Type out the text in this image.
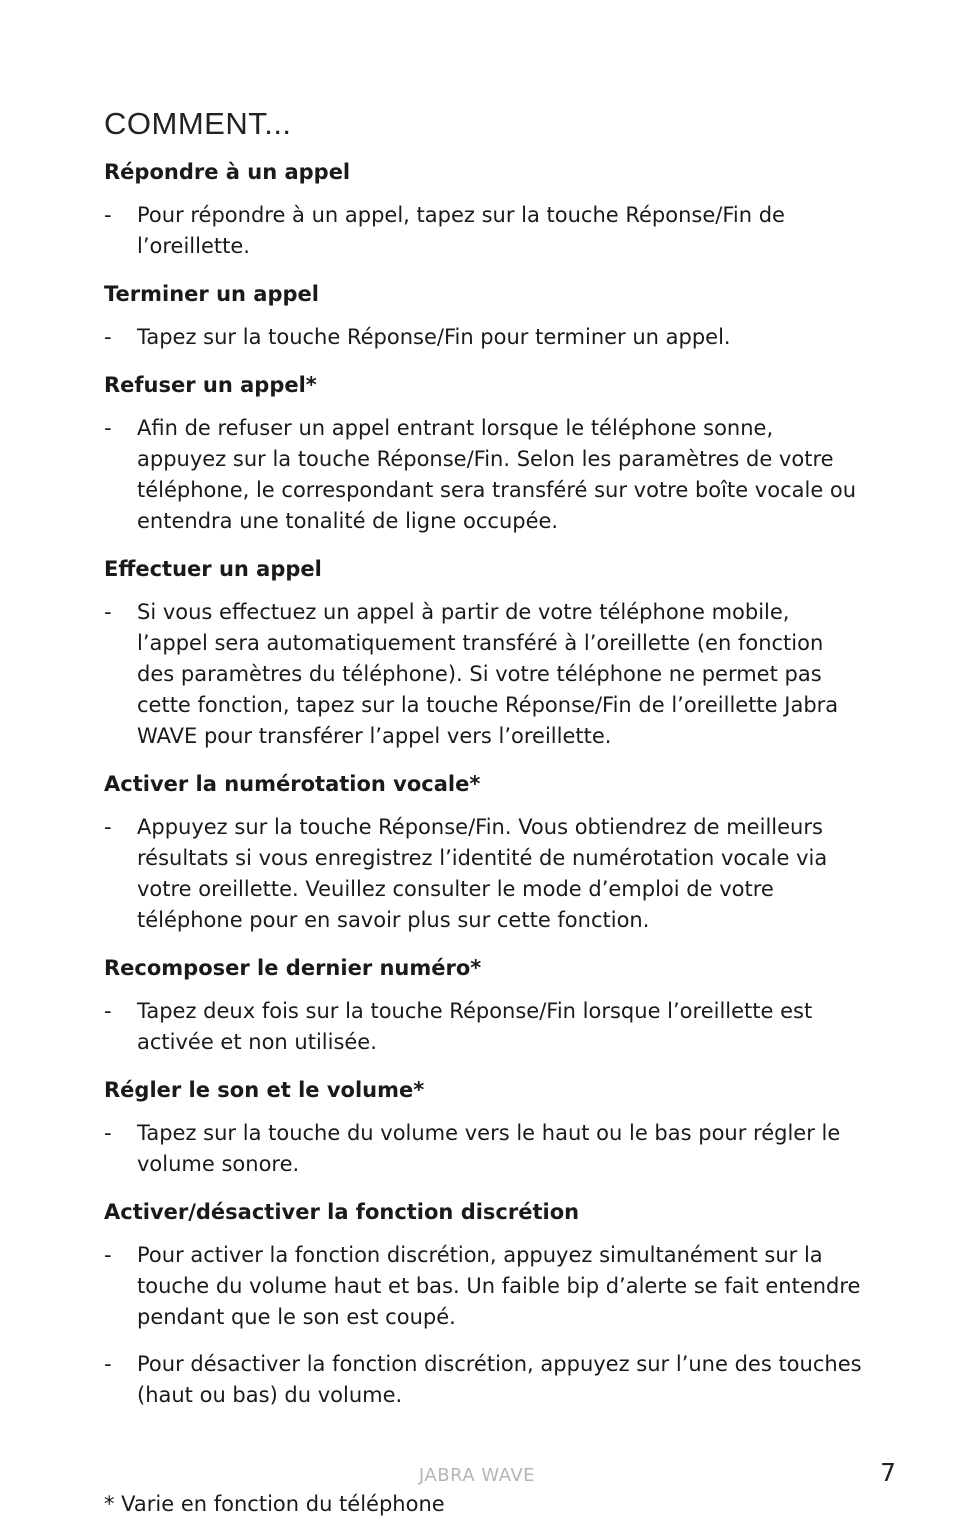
COMMENT...
Répondre à un appel
- Pour répondre à un appel, tapez sur la touche Réponse/Fin de l’oreillette.
Terminer un appel
- Tapez sur la touche Réponse/Fin pour terminer un appel.
Refuser un appel*
- Afin de refuser un appel entrant lorsque le téléphone sonne, appuyez sur la touche Réponse/Fin. Selon les paramètres de votre téléphone, le correspondant sera transféré sur votre boîte vocale ou entendra une tonalité de ligne occupée.
Effectuer un appel
- Si vous effectuez un appel à partir de votre téléphone mobile, l’appel sera automatiquement transféré à l’oreillette (en fonction des paramètres du téléphone). Si votre téléphone ne permet pas cette fonction, tapez sur la touche Réponse/Fin de l’oreillette Jabra WAVE pour transférer l’appel vers l’oreillette.
Activer la numérotation vocale*
- Appuyez sur la touche Réponse/Fin. Vous obtiendrez de meilleurs résultats si vous enregistrez l’identité de numérotation vocale via votre oreillette. Veuillez consulter le mode d’emploi de votre téléphone pour en savoir plus sur cette fonction.
Recomposer le dernier numéro*
- Tapez deux fois sur la touche Réponse/Fin lorsque l’oreillette est activée et non utilisée.
Régler le son et le volume*
- Tapez sur la touche du volume vers le haut ou le bas pour régler le volume sonore.
Activer/désactiver la fonction discrétion
- Pour activer la fonction discrétion, appuyez simultanément sur la touche du volume haut et bas. Un faible bip d’alerte se fait entendre pendant que le son est coupé.
- Pour désactiver la fonction discrétion, appuyez sur l’une des touches (haut ou bas) du volume.
JABRA WAVE	7
* Varie en fonction du téléphone
